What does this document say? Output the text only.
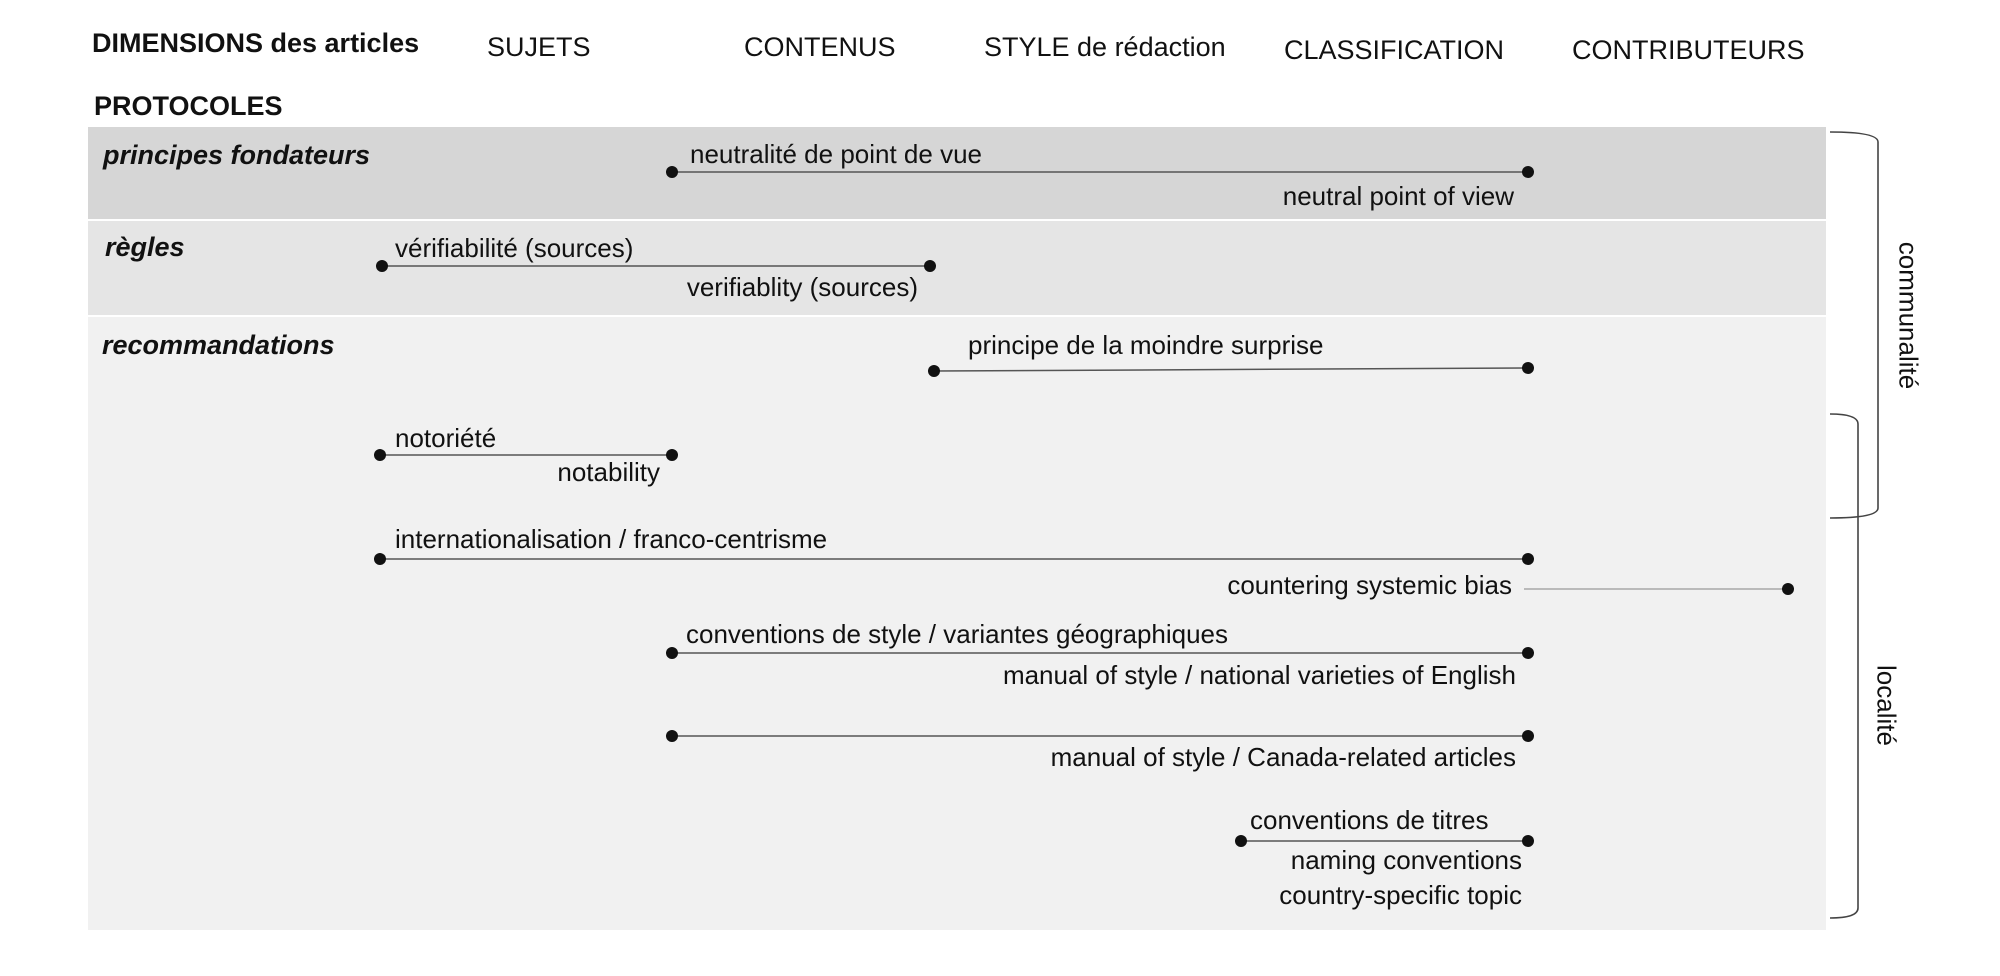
DIMENSIONS des articles	SUJETS	CONTENUS	STYLE de rédaction CLASSIFICATION	CONTRIBUTEURS
PROTOCOLES
principes fondateurs
règles
recommandations
neutralité de point de vue
neutral point of view
vérifiabilité (sources)
verifiablity (sources)
principe de la moindre surprise
notoriété
notability
internationalisation / franco-centrisme
countering systemic bias
conventions de style / variantes géographiques
manual of style / national varieties of English
manual of style / Canada-related articles
conventions de titres
naming conventions
country-specific topic
communalité
localité
